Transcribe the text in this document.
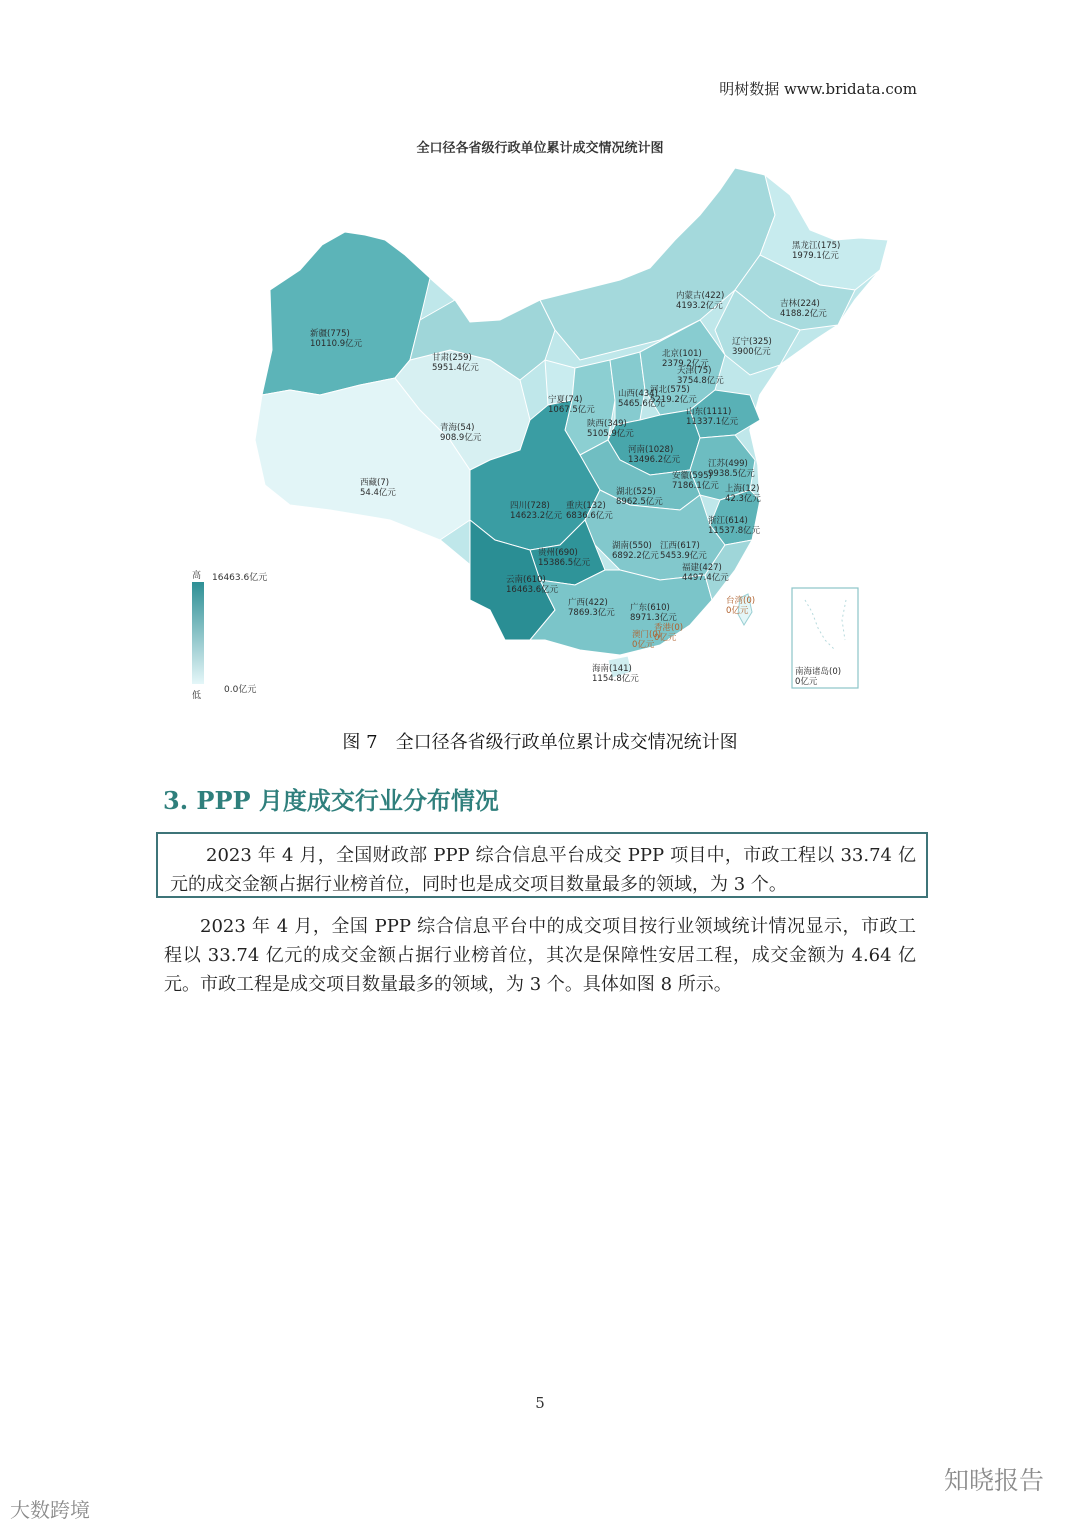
明树数据 www.bridata.com
全口径各省级行政单位累计成交情况统计图
高
低
16463.6亿元
0.0亿元
黑龙江(175)
1979.1亿元
内蒙古(422)
4193.2亿元	吉林(224)
4188.2亿元
新疆(775)
10110.9亿元	辽宁(325)
3900亿元
甘肃(259)
5951.4亿元
北京(101)
2379.2亿元
天津(75)
3754.8亿元
河北(575)
5219.2亿元
山西(434)
5465.6亿元
宁夏(74)
1067.5亿元	山东(1111)
11337.1亿元
青海(54)
908.9亿元
陕西(349)
5105.9亿元
河南(1028)
13496.2亿元	江苏(499)
9938.5亿元
西藏(7)
54.4亿元
安徽(595)
7186.1亿元 上海(12)
42.3亿元
湖北(525)
8962.5亿元
四川(728)
14623.2亿元
重庆(132)
6836.6亿元	浙江(614)
11537.8亿元
贵州(690)
15386.5亿元
湖南(550)
6892.2亿元
江西(617)
5453.9亿元
福建(427)
4497.4亿元
云南(610)
16463.6亿元
广西(422)
7869.3亿元 广东(610)
8971.3亿元
台湾(0)
0亿元
香港(0)
0亿元
澳门(0)
0亿元
海南(141)
1154.8亿元
南海诸岛(0)
0亿元
图 7　全口径各省级行政单位累计成交情况统计图
3. PPP 月度成交行业分布情况
2023 年 4 月，全国财政部 PPP 综合信息平台成交 PPP 项目中，市政工程以 33.74 亿元的成交金额占据行业榜首位，同时也是成交项目数量最多的领域，为 3 个。

2023 年 4 月，全国 PPP 综合信息平台中的成交项目按行业领域统计情况显示，市政工程以 33.74 亿元的成交金额占据行业榜首位，其次是保障性安居工程，成交金额为 4.64 亿元。市政工程是成交项目数量最多的领域，为 3 个。具体如图 8 所示。

5
知晓报告
大数跨境
